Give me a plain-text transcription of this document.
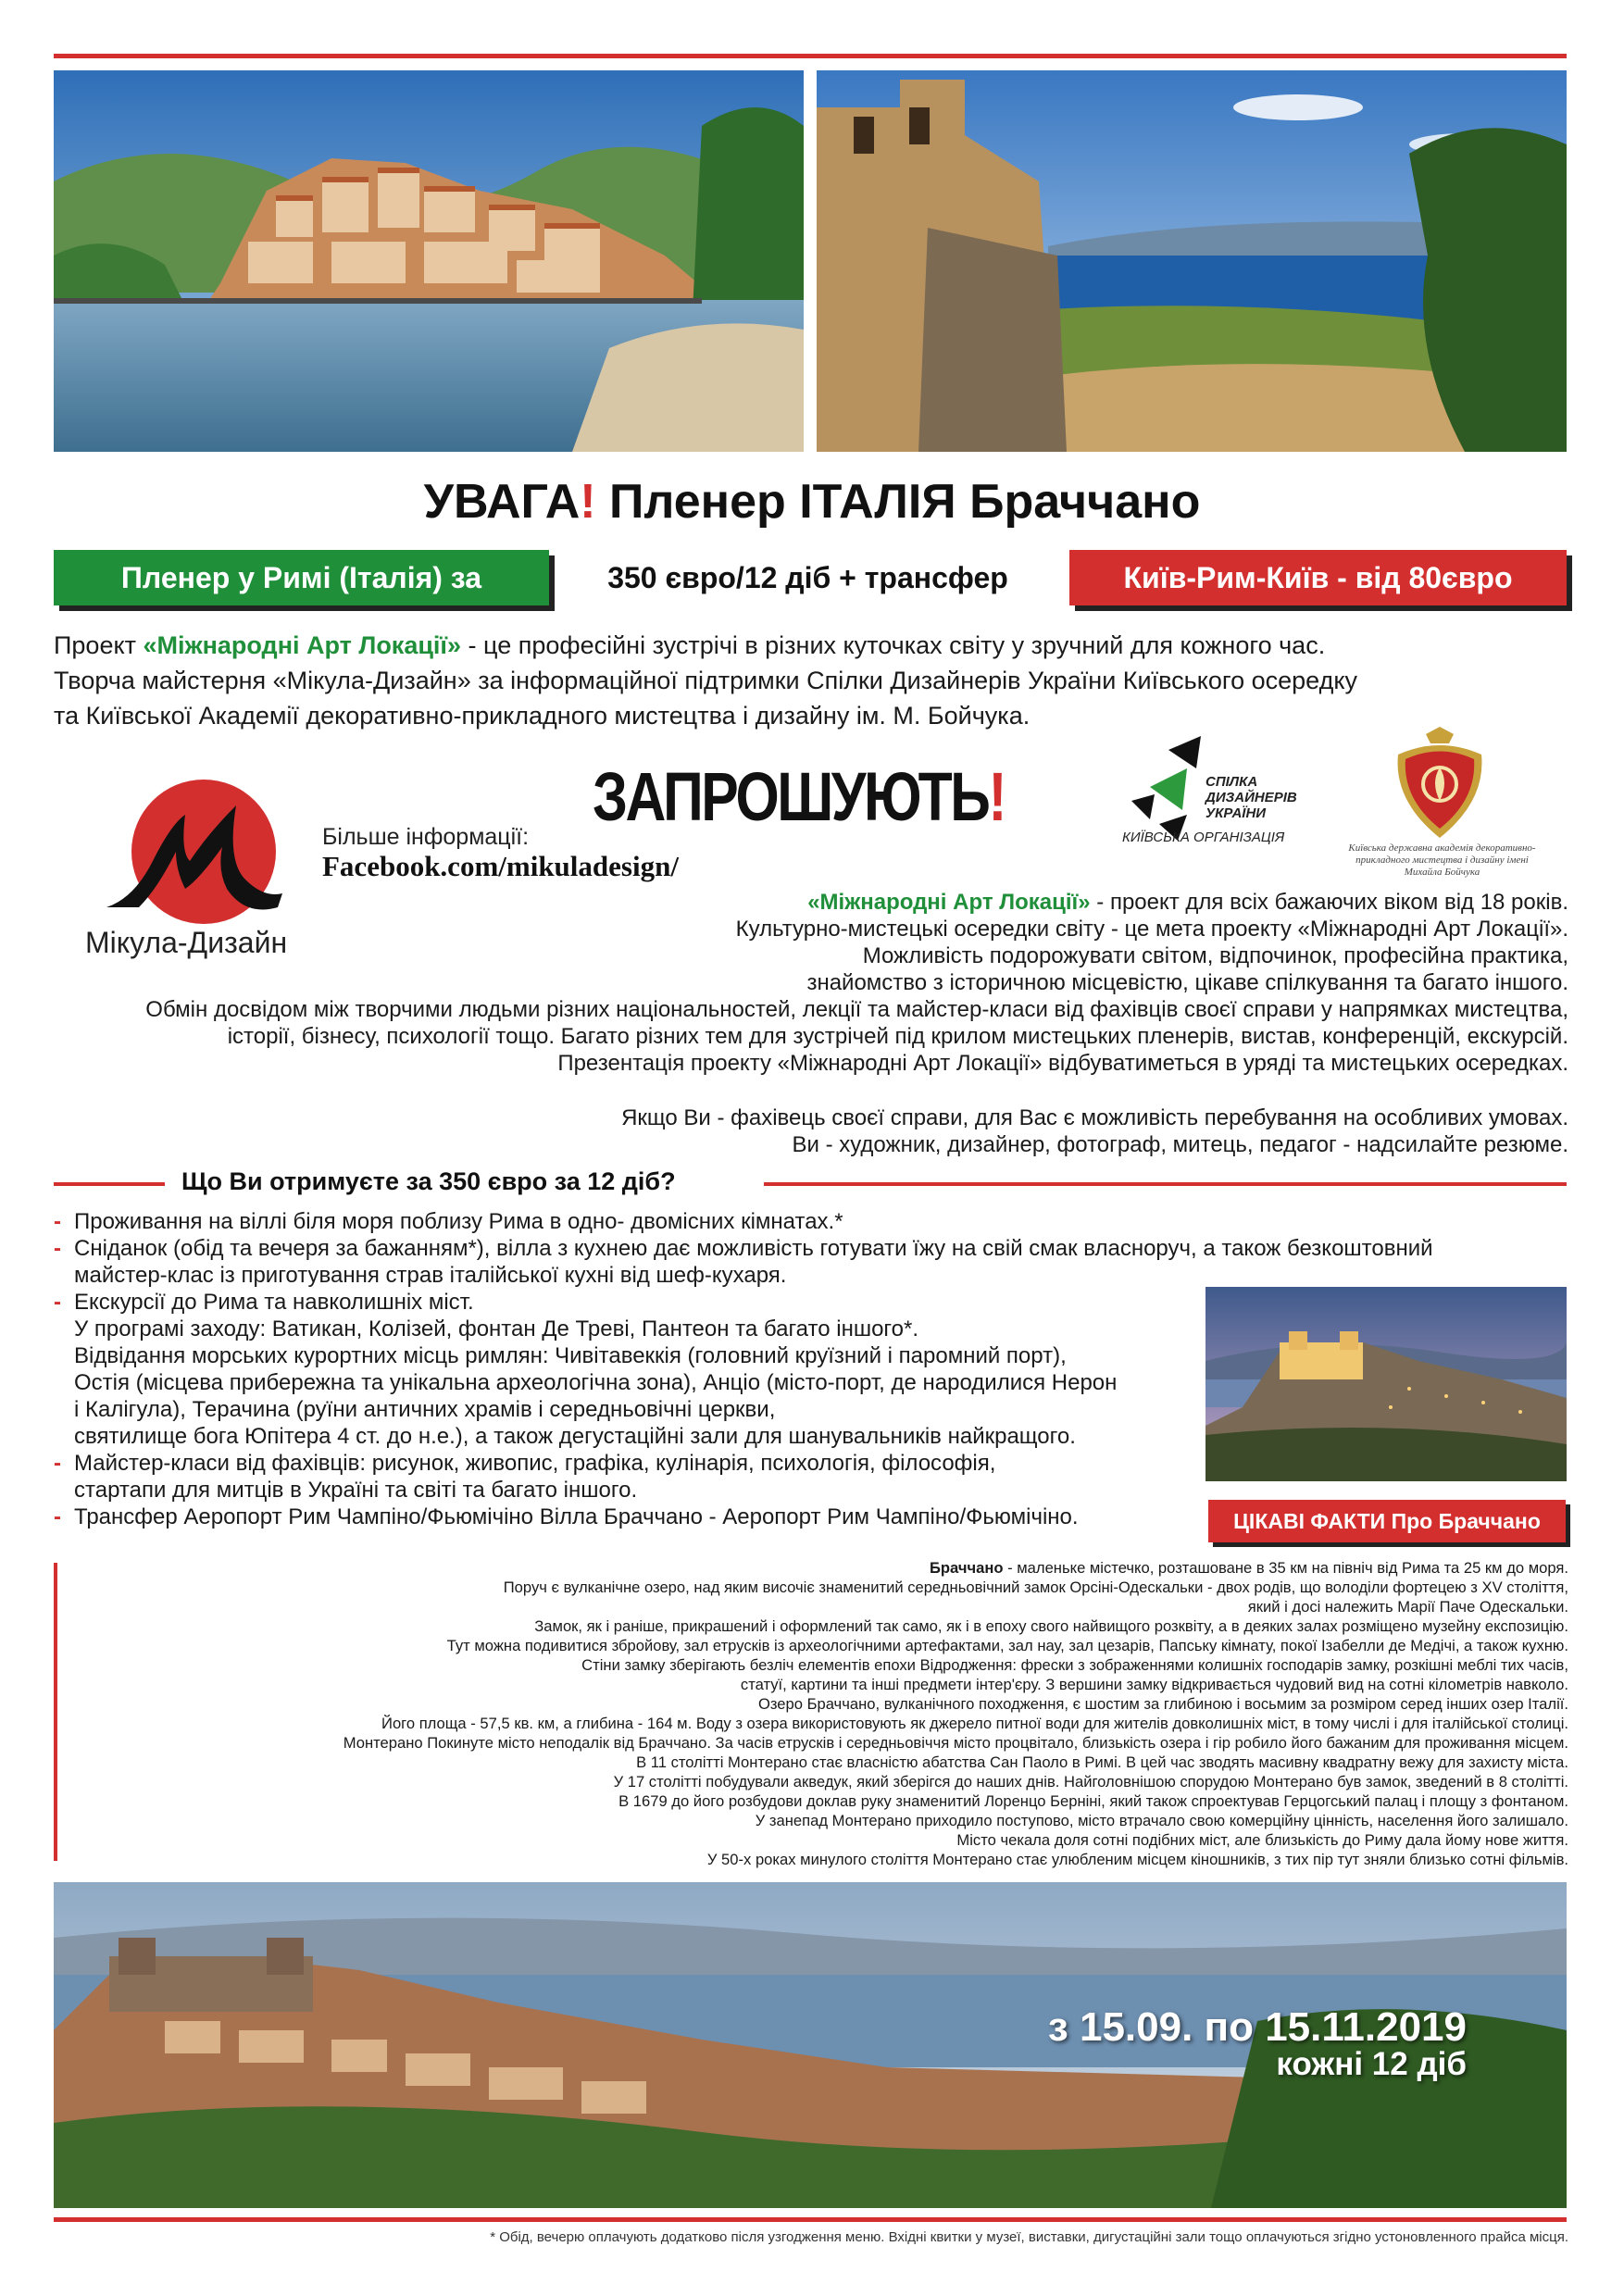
УВАГА! Пленер ІТАЛІЯ Браччано
Пленер у Римі (Італія) за	350 євро/12 діб + трансфер	Київ-Рим-Київ - від 80євро
Проект «Міжнародні Арт Локації» - це професійні зустрічі в різних куточках світу у зручний для кожного час.
Творча майстерня «Мікула-Дизайн» за інформаційної підтримки Спілки Дизайнерів України Київського осередку
та Київської Академії декоративно-прикладного мистецтва і дизайну ім. М. Бойчука.
Мікула-Дизайн
Більше інформації:
Facebook.com/mikuladesign/
ЗАПРОШУЮТЬ!	СПІЛКА ДИЗАЙНЕРІВ УКРАЇНИ
КИЇВСЬКА ОРГАНІЗАЦІЯ
Київська державна академія декоративно-прикладного мистецтва і дизайну імені Михайла Бойчука

«Міжнародні Арт Локації» - проект для всіх бажаючих віком від 18 років.

Культурно-мистецькі осередки світу - це мета проекту «Міжнародні Арт Локації».

Можливість подорожувати світом, відпочинок, професійна практика,

знайомство з історичною місцевістю, цікаве спілкування та багато іншого.

Обмін досвідом між творчими людьми різних національностей, лекції та майстер-класи від фахівців своєї справи у напрямках мистецтва,

історії, бізнесу, психології тощо. Багато різних тем для зустрічей під крилом мистецьких пленерів, вистав, конференцій, екскурсій.

Презентація проекту «Міжнародні Арт Локації» відбуватиметься в уряді та мистецьких осередках.

Якщо Ви - фахівець своєї справи, для Вас є можливість перебування на особливих умовах.

Ви - художник, дизайнер, фотограф, митець, педагог - надсилайте резюме.

Що Ви отримуєте за 350 євро за 12 діб?
- Проживання на віллі біля моря поблизу Рима в одно- двомісних кімнатах.*
- Сніданок (обід та вечеря за бажанням*), вілла з кухнею дає можливість готувати їжу на свій смак власноруч, а також безкоштовний
майстер-клас із приготування страв італійської кухні від шеф-кухаря.
- Екскурсії до Рима та навколишніх міст.
У програмі заходу: Ватикан, Колізей, фонтан Де Треві, Пантеон та багато іншого*.
Відвідання морських курортних місць римлян: Чивітавеккія (головний круїзний і паромний порт),
Остія (місцева прибережна та унікальна археологічна зона), Анціо (місто-порт, де народилися Нерон
і Калігула), Терачина (руїни античних храмів і середньовічні церкви,
святилище бога Юпітера 4 ст. до н.е.), а також дегустаційні зали для шанувальників найкращого.
- Майстер-класи від фахівців: рисунок, живопис, графіка, кулінарія, психологія, філософія,
стартапи для митців в Україні та світі та багато іншого.
- Трансфер Аеропорт Рим Чампіно/Фьюмічіно Вілла Браччано - Аеропорт Рим Чампіно/Фьюмічіно.	ЦІКАВІ ФАКТИ Про Браччано

Браччано - маленьке містечко, розташоване в 35 км на північ від Рима та 25 км до моря.

Поруч є вулканічне озеро, над яким височіє знаменитий середньовічний замок Орсіні-Одескальки - двох родів, що володіли фортецею з XV століття,

який і досі належить Марії Паче Одескальки.

Замок, як і раніше, прикрашений і оформлений так само, як і в епоху свого найвищого розквіту, а в деяких залах розміщено музейну експозицію.

Тут можна подивитися збройову, зал етрусків із археологічними артефактами, зал нау, зал цезарів, Папську кімнату, покої Ізабелли де Медічі, а також кухню.

Стіни замку зберігають безліч елементів епохи Відродження: фрески з зображеннями колишніх господарів замку, розкішні меблі тих часів,

статуї, картини та інші предмети інтер'єру. З вершини замку відкривається чудовий вид на сотні кілометрів навколо.

Озеро Браччано, вулканічного походження, є шостим за глибиною і восьмим за розміром серед інших озер Італії.

Його площа - 57,5 кв. км, а глибина - 164 м. Воду з озера використовують як джерело питної води для жителів довколишніх міст, в тому числі і для італійської столиці.

Монтерано Покинуте місто неподалік від Браччано. За часів етрусків і середньовіччя місто процвітало, близькість озера і гір робило його бажаним для проживання місцем.

В 11 столітті Монтерано стає власністю абатства Сан Паоло в Римі. В цей час зводять масивну квадратну вежу для захисту міста.

У 17 столітті побудували акведук, який зберігся до наших днів. Найголовнішою спорудою Монтерано був замок, зведений в 8 столітті.

В 1679 до його розбудови доклав руку знаменитий Лоренцо Берніні, який також спроектував Герцогський палац і площу з фонтаном.

У занепад Монтерано приходило поступово, місто втрачало свою комерційну цінність, населення його залишало.

Місто чекала доля сотні подібних міст, але близькість до Риму дала йому нове життя.

У 50-х роках минулого століття Монтерано стає улюбленим місцем кіношників, з тих пір тут зняли близько сотні фільмів.

з 15.09. по 15.11.2019
кожні 12 діб
* Обід, вечерю оплачують додатково після узгодження меню. Вхідні квитки у музеї, виставки, дигустаційні зали тощо оплачуються згідно устоновленного прайса місця.
